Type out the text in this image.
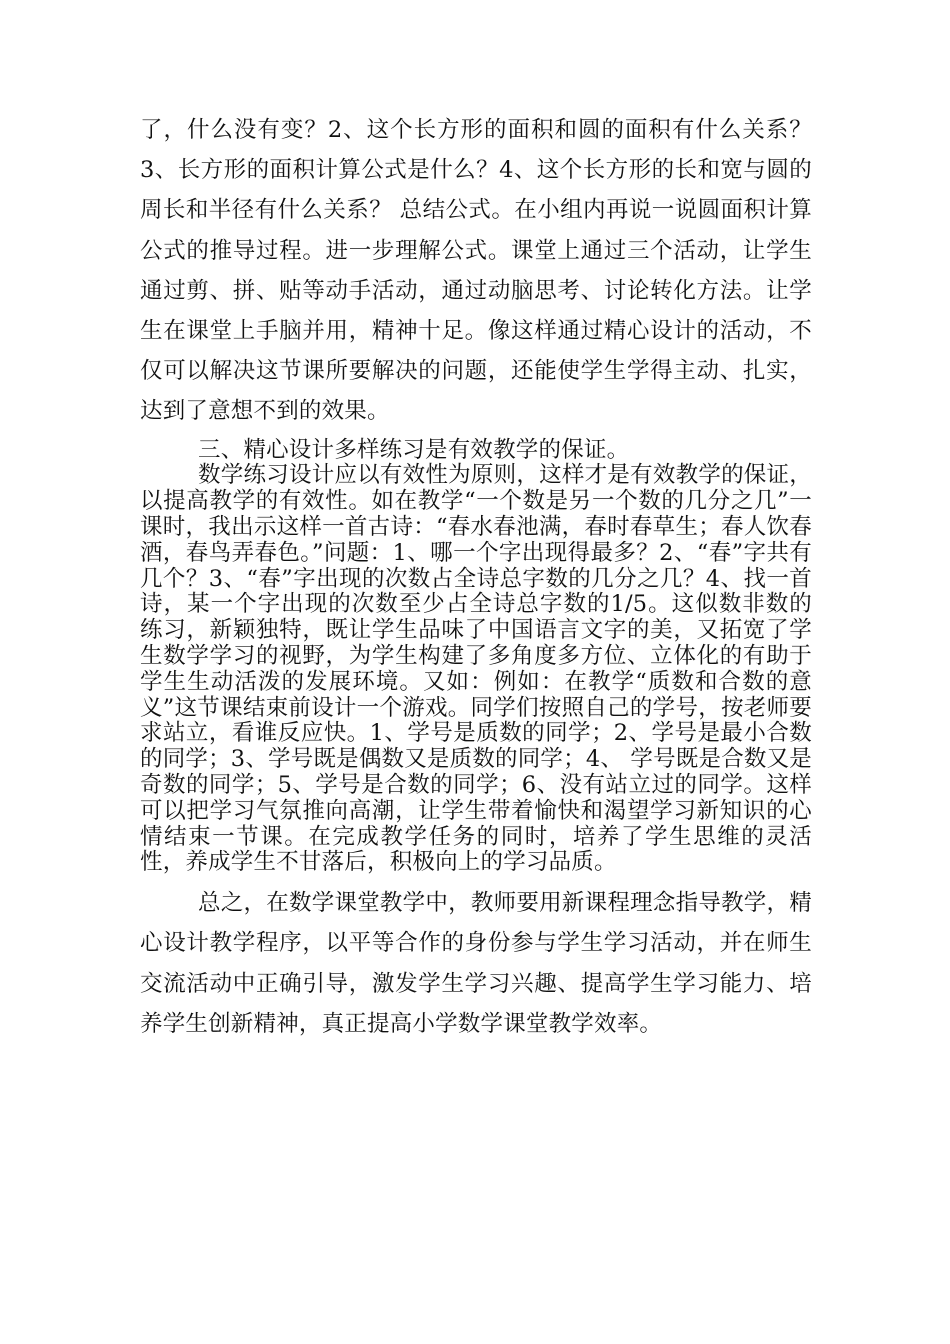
了，什么没有变？2、这个长方形的面积和圆的面积有什么关系？3、长方形的面积计算公式是什么？4、这个长方形的长和宽与圆的周长和半径有什么关系？ 总结公式。在小组内再说一说圆面积计算公式的推导过程。进一步理解公式。课堂上通过三个活动，让学生通过剪、拼、贴等动手活动，通过动脑思考、讨论转化方法。让学生在课堂上手脑并用，精神十足。像这样通过精心设计的活动，不仅可以解决这节课所要解决的问题，还能使学生学得主动、扎实，达到了意想不到的效果。

三、精心设计多样练习是有效教学的保证。

数学练习设计应以有效性为原则，这样才是有效教学的保证，以提高教学的有效性。如在教学“一个数是另一个数的几分之几”一课时，我出示这样一首古诗：“春水春池满，春时春草生；春人饮春酒，春鸟弄春色。”问题：1、哪一个字出现得最多？2、“春”字共有几个？3、“春”字出现的次数占全诗总字数的几分之几？4、找一首诗，某一个字出现的次数至少占全诗总字数的1/5。这似数非数的练习，新颖独特，既让学生品味了中国语言文字的美，又拓宽了学生数学学习的视野，为学生构建了多角度多方位、立体化的有助于学生生动活泼的发展环境。又如：例如：在教学“质数和合数的意义”这节课结束前设计一个游戏。同学们按照自己的学号，按老师要求站立，看谁反应快。1、学号是质数的同学；2、学号是最小合数的同学；3、学号既是偶数又是质数的同学；4、 学号既是合数又是奇数的同学；5、学号是合数的同学；6、没有站立过的同学。这样可以把学习气氛推向高潮，让学生带着愉快和渴望学习新知识的心情结束一节课。在完成教学任务的同时，培养了学生思维的灵活性，养成学生不甘落后，积极向上的学习品质。

总之，在数学课堂教学中，教师要用新课程理念指导教学，精心设计教学程序，以平等合作的身份参与学生学习活动，并在师生交流活动中正确引导，激发学生学习兴趣、提高学生学习能力、培养学生创新精神，真正提高小学数学课堂教学效率。
